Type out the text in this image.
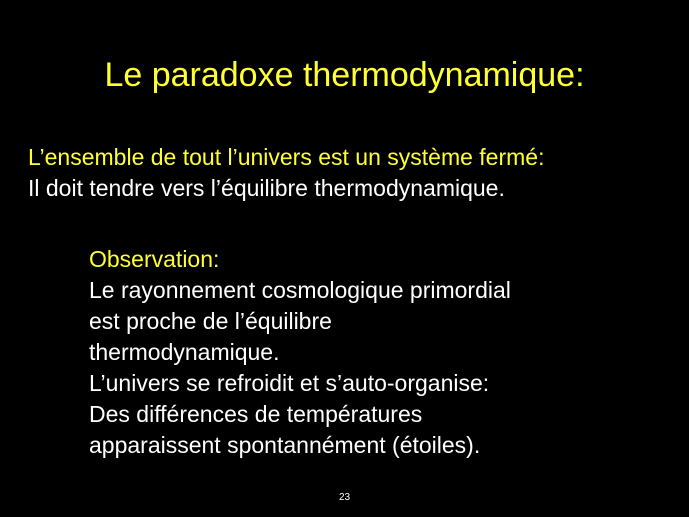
Le paradoxe thermodynamique:
L’ensemble de tout l’univers est un système fermé:
Il doit tendre vers l’équilibre thermodynamique.
Observation:
Le rayonnement cosmologique primordial
est proche de l’équilibre
thermodynamique.
L’univers se refroidit et s’auto-organise:
Des différences de températures
apparaissent spontannément (étoiles).
23
